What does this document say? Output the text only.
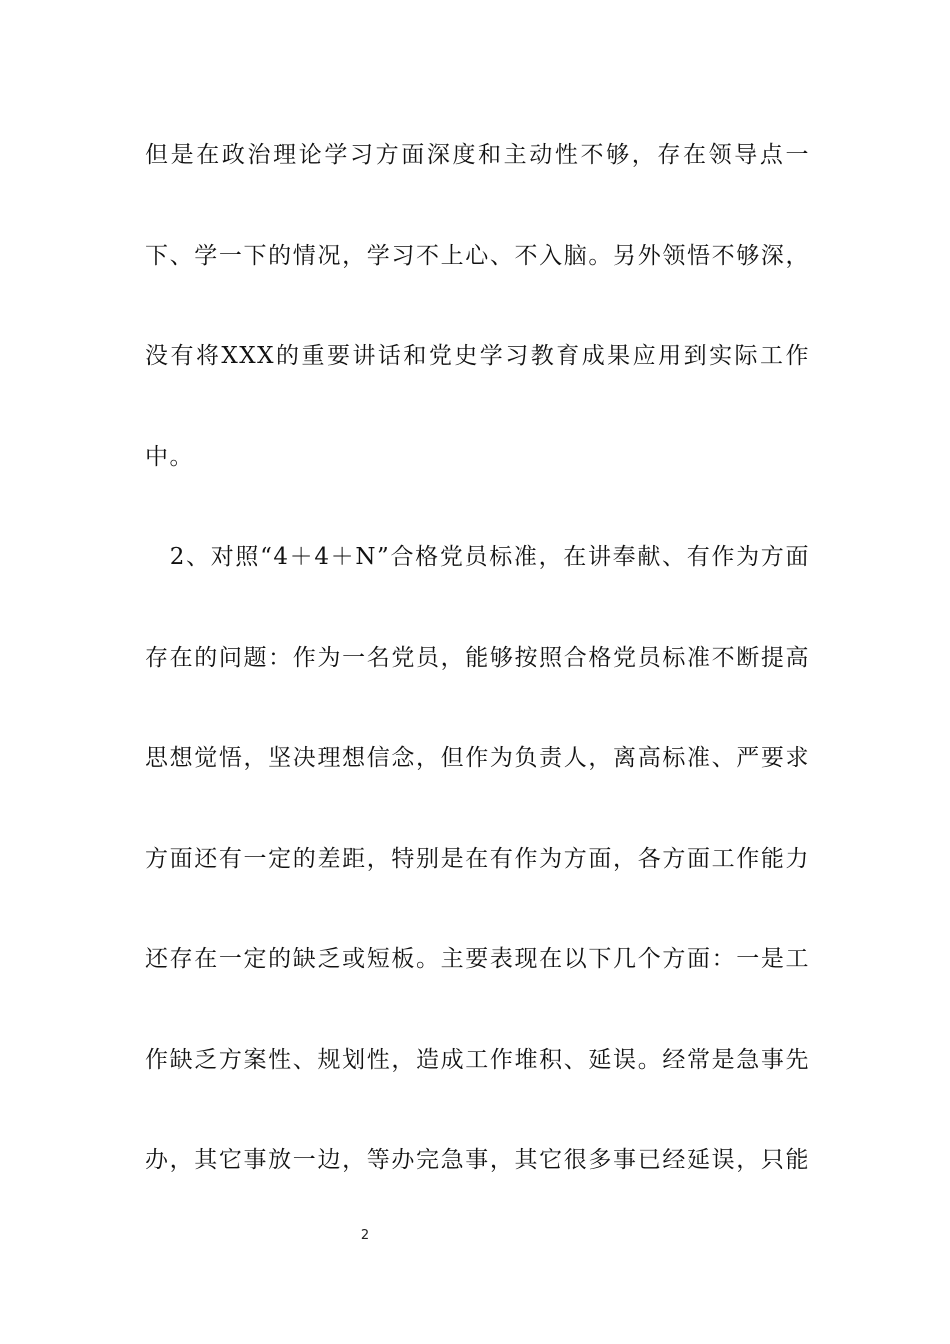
但是在政治理论学习方面深度和主动性不够，存在领导点一
下、学一下的情况，学习不上心、不入脑。另外领悟不够深，
没有将XXX的重要讲话和党史学习教育成果应用到实际工作
中。
　2、对照“4＋4＋N”合格党员标准，在讲奉献、有作为方面
存在的问题：作为一名党员，能够按照合格党员标准不断提高
思想觉悟，坚决理想信念，但作为负责人，离高标准、严要求
方面还有一定的差距，特别是在有作为方面，各方面工作能力
还存在一定的缺乏或短板。主要表现在以下几个方面：一是工
作缺乏方案性、规划性，造成工作堆积、延误。经常是急事先
办，其它事放一边，等办完急事，其它很多事已经延误，只能
2
